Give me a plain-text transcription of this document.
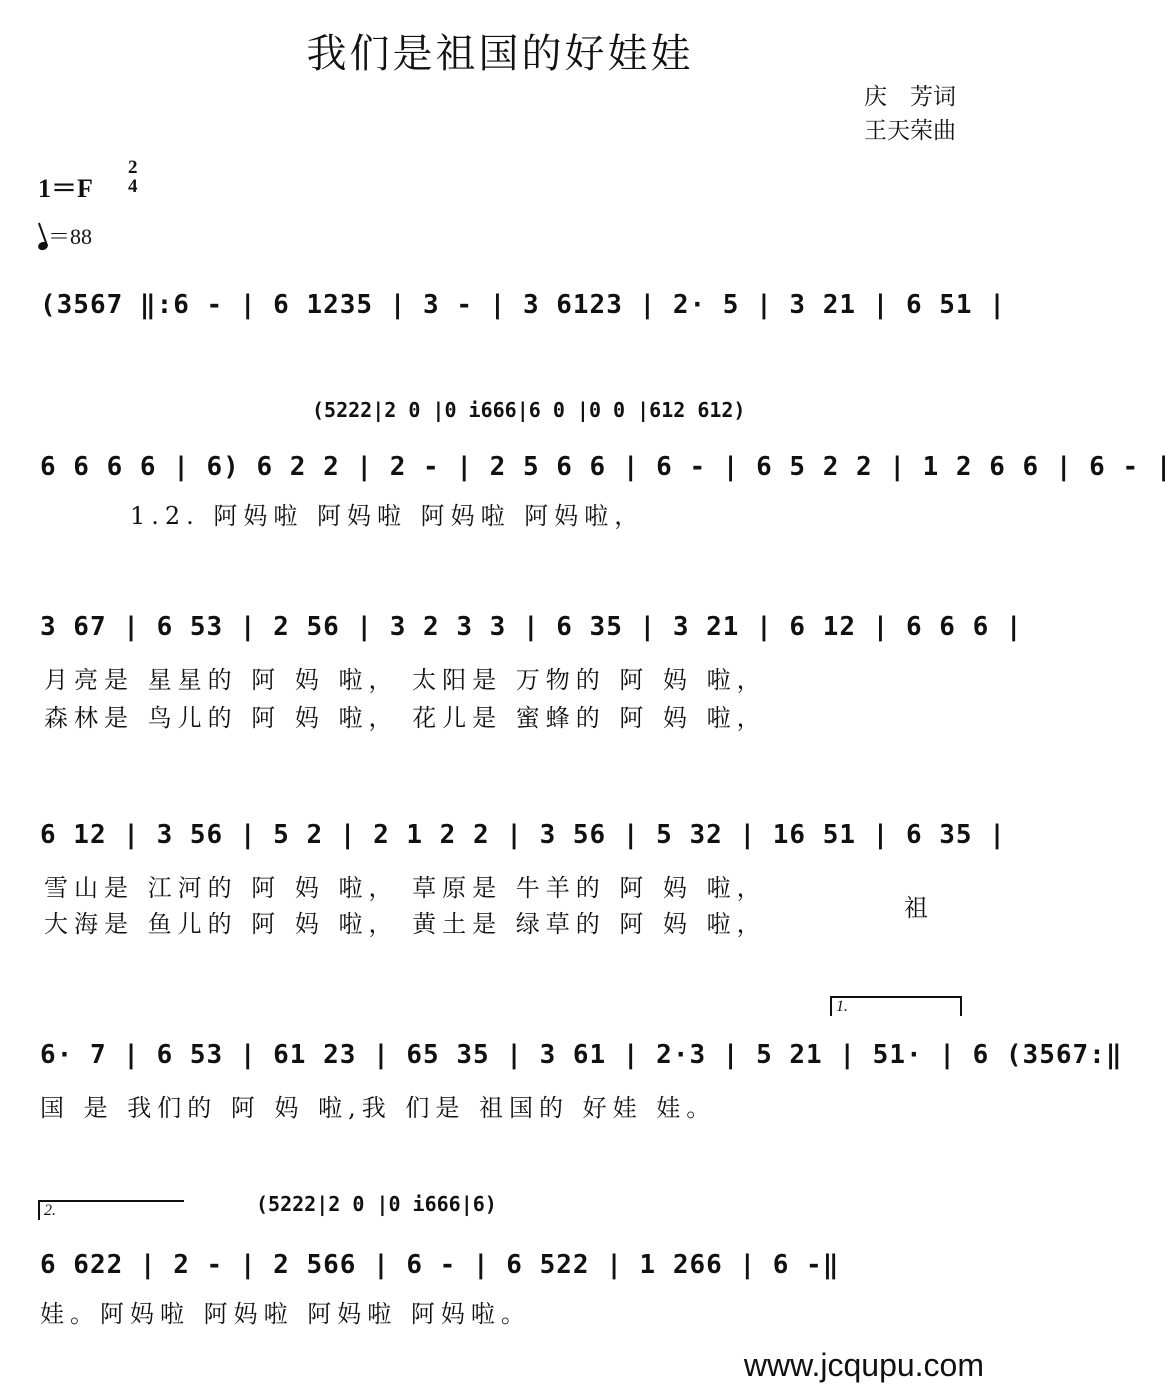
我们是祖国的好娃娃
庆　芳词
王天荣曲
1＝F
2
4
＝88
(3567 ‖:6 - | 6 1235 | 3 - | 3 6123 | 2· 5 | 3 21 | 6 51 |
(5222|2 0 |0 i666|6 0 |0 0 |612 612)
6 6 6 6 | 6) 6 2 2 | 2 - | 2 5 6 6 | 6 - | 6 5 2 2 | 1 2 6 6 | 6 - |
1.2. 阿妈啦 阿妈啦 阿妈啦 阿妈啦，
3 67 | 6 53 | 2 56 | 3 2 3 3 | 6 35 | 3 21 | 6 12 | 6 6 6 |
月亮是 星星的 阿 妈 啦， 太阳是 万物的 阿 妈 啦，
森林是 鸟儿的 阿 妈 啦， 花儿是 蜜蜂的 阿 妈 啦，
6 12 | 3 56 | 5 2 | 2 1 2 2 | 3 56 | 5 32 | 16 51 | 6 35 |
雪山是 江河的 阿 妈 啦， 草原是 牛羊的 阿 妈 啦，
大海是 鱼儿的 阿 妈 啦， 黄土是 绿草的 阿 妈 啦，
祖
1.
6· 7 | 6 53 | 61 23 | 65 35 | 3 61 | 2·3 | 5 21 | 51· | 6 (3567:‖
国 是 我们的 阿 妈 啦,我 们是 祖国的 好娃 娃。
2.	(5222|2 0 |0 i666|6)
6 622 | 2 - | 2 566 | 6 - | 6 522 | 1 266 | 6 -‖
娃。阿妈啦 阿妈啦 阿妈啦 阿妈啦。
www.jcqupu.com
